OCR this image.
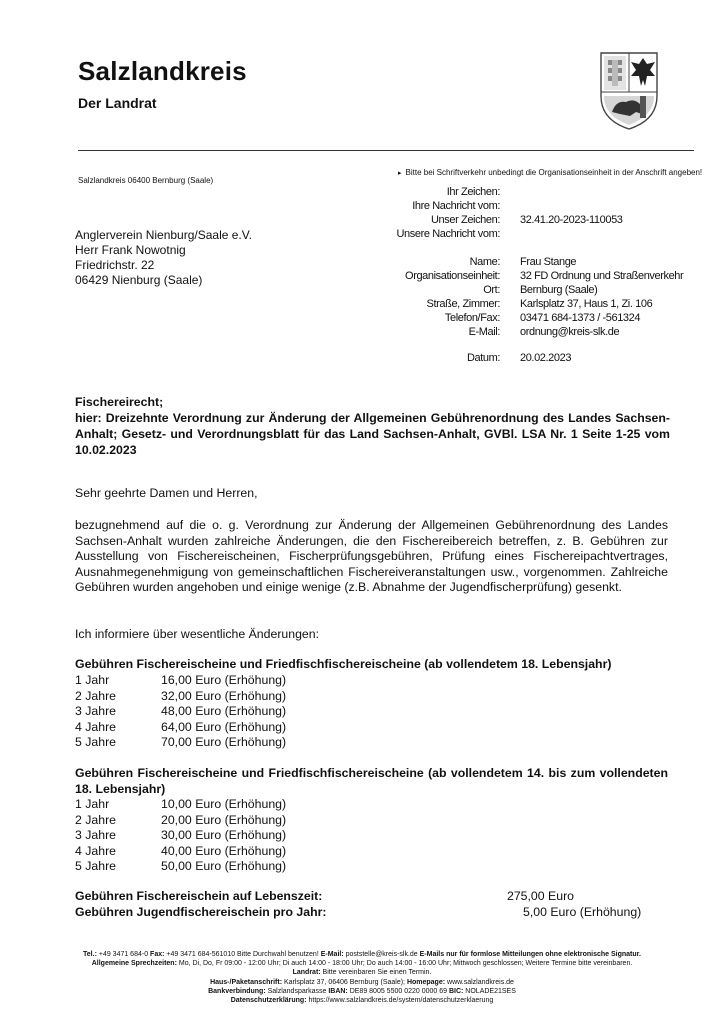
Salzlandkreis
Der Landrat
Salzlandkreis 06400 Bernburg (Saale)
▸ Bitte bei Schriftverkehr unbedingt die Organisationseinheit in der Anschrift angeben!
Ihr Zeichen:
Ihre Nachricht vom:
Unser Zeichen: 32.41.20-2023-110053
Unsere Nachricht vom:
Anglerverein Nienburg/Saale e.V.
Herr Frank Nowotnig
Friedrichstr. 22
06429 Nienburg (Saale)
Name: Frau Stange
Organisationseinheit: 32 FD Ordnung und Straßenverkehr
Ort: Bernburg (Saale)
Straße, Zimmer: Karlsplatz 37, Haus 1, Zi. 106
Telefon/Fax: 03471 684-1373 / -561324
E-Mail: ordnung@kreis-slk.de
Datum: 20.02.2023
Fischereirecht;
hier: Dreizehnte Verordnung zur Änderung der Allgemeinen Gebührenordnung des Landes Sachsen-Anhalt; Gesetz- und Verordnungsblatt für das Land Sachsen-Anhalt, GVBl. LSA Nr. 1 Seite 1-25 vom 10.02.2023
Sehr geehrte Damen und Herren,
bezugnehmend auf die o. g. Verordnung zur Änderung der Allgemeinen Gebührenordnung des Landes Sachsen-Anhalt wurden zahlreiche Änderungen, die den Fischereibereich betreffen, z. B. Gebühren zur Ausstellung von Fischereischeinen, Fischerprüfungsgebühren, Prüfung eines Fischereipachtvertrages, Ausnahmegenehmigung von gemeinschaftlichen Fischereiveranstaltungen usw., vorgenommen. Zahlreiche Gebühren wurden angehoben und einige wenige (z.B. Abnahme der Jugendfischerprüfung) gesenkt.
Ich informiere über wesentliche Änderungen:
Gebühren Fischereischeine und Friedfischfischereischeine (ab vollendetem 18. Lebensjahr)
1 Jahr	16,00 Euro (Erhöhung)
2 Jahre	32,00 Euro (Erhöhung)
3 Jahre	48,00 Euro (Erhöhung)
4 Jahre	64,00 Euro (Erhöhung)
5 Jahre	70,00 Euro (Erhöhung)
Gebühren Fischereischeine und Friedfischfischereischeine (ab vollendetem 14. bis zum vollendeten 18. Lebensjahr)
1 Jahr	10,00 Euro (Erhöhung)
2 Jahre	20,00 Euro (Erhöhung)
3 Jahre	30,00 Euro (Erhöhung)
4 Jahre	40,00 Euro (Erhöhung)
5 Jahre	50,00 Euro (Erhöhung)
Gebühren Fischereischein auf Lebenszeit:	275,00 Euro
Gebühren Jugendfischereischein pro Jahr:	5,00 Euro (Erhöhung)
Tel.: +49 3471 684-0 Fax: +49 3471 684-561010 Bitte Durchwahl benutzen! E-Mail: poststelle@kreis-slk.de E-Mails nur für formlose Mitteilungen ohne elektronische Signatur.
Allgemeine Sprechzeiten: Mo, Di, Do, Fr 09:00 - 12:00 Uhr; Di auch 14:00 - 18:00 Uhr; Do auch 14:00 - 16:00 Uhr; Mittwoch geschlossen; Weitere Termine bitte vereinbaren.
Landrat: Bitte vereinbaren Sie einen Termin.
Haus-/Paketanschrift: Karlsplatz 37, 06406 Bernburg (Saale); Homepage: www.salzlandkreis.de
Bankverbindung: Salzlandsparkasse IBAN: DE89 8005 5500 0220 0000 69 BIC: NOLADE21SES
Datenschutzerklärung: https://www.salzlandkreis.de/system/datenschutzerklaerung
